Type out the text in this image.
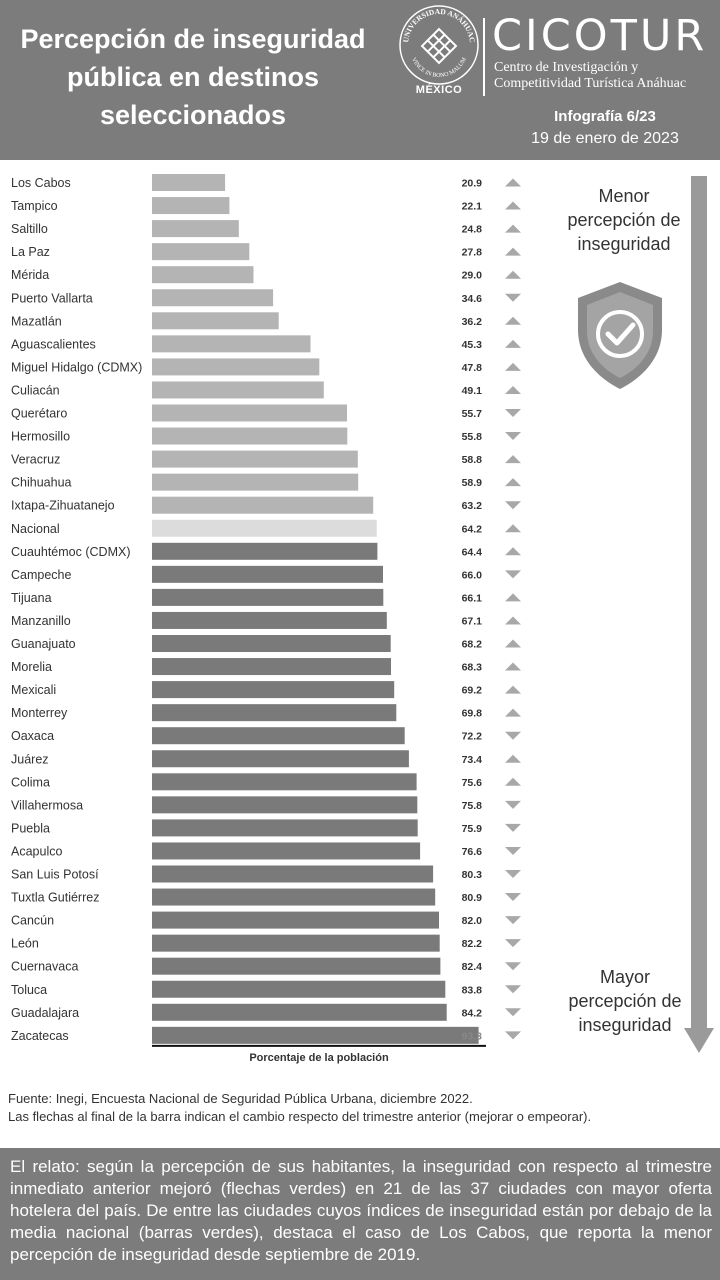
Percepción de inseguridad
pública en destinos
seleccionados
UNIVERSIDAD ANÁHUAC
VINCE IN BONO MALUM
MÉXICO
CICOTUR
Centro de Investigación y
Competitividad Turística Anáhuac
Infografía 6/23
19 de enero de 2023
Los Cabos	20.9
Tampico	22.1
Saltillo	24.8
La Paz	27.8
Mérida	29.0
Puerto Vallarta	34.6
Mazatlán	36.2
Aguascalientes	45.3
Miguel Hidalgo (CDMX)	47.8
Culiacán	49.1
Querétaro	55.7
Hermosillo	55.8
Veracruz	58.8
Chihuahua	58.9
Ixtapa-Zihuatanejo	63.2
Nacional	64.2
Cuauhtémoc (CDMX)	64.4
Campeche	66.0
Tijuana	66.1
Manzanillo	67.1
Guanajuato	68.2
Morelia	68.3
Mexicali	69.2
Monterrey	69.8
Oaxaca	72.2
Juárez	73.4
Colima	75.6
Villahermosa	75.8
Puebla	75.9
Acapulco	76.6
San Luis Potosí	80.3
Tuxtla Gutiérrez	80.9
Cancún	82.0
León	82.2
Cuernavaca	82.4
Toluca	83.8
Guadalajara	84.2
Zacatecas	93.3
Porcentaje de la población
Menor
percepción de
inseguridad
Mayor
percepción de
inseguridad
Fuente: Inegi, Encuesta Nacional de Seguridad Pública Urbana, diciembre 2022.
Las flechas al final de la barra indican el cambio respecto del trimestre anterior (mejorar o empeorar).
El relato: según la percepción de sus habitantes, la inseguridad con respecto al trimestre inmediato anterior mejoró (flechas verdes) en 21 de las 37 ciudades con mayor oferta hotelera del país. De entre las ciudades cuyos índices de inseguridad están por debajo de la media nacional (barras verdes), destaca el caso de Los Cabos, que reporta la menor percepción de inseguridad desde septiembre de 2019.
